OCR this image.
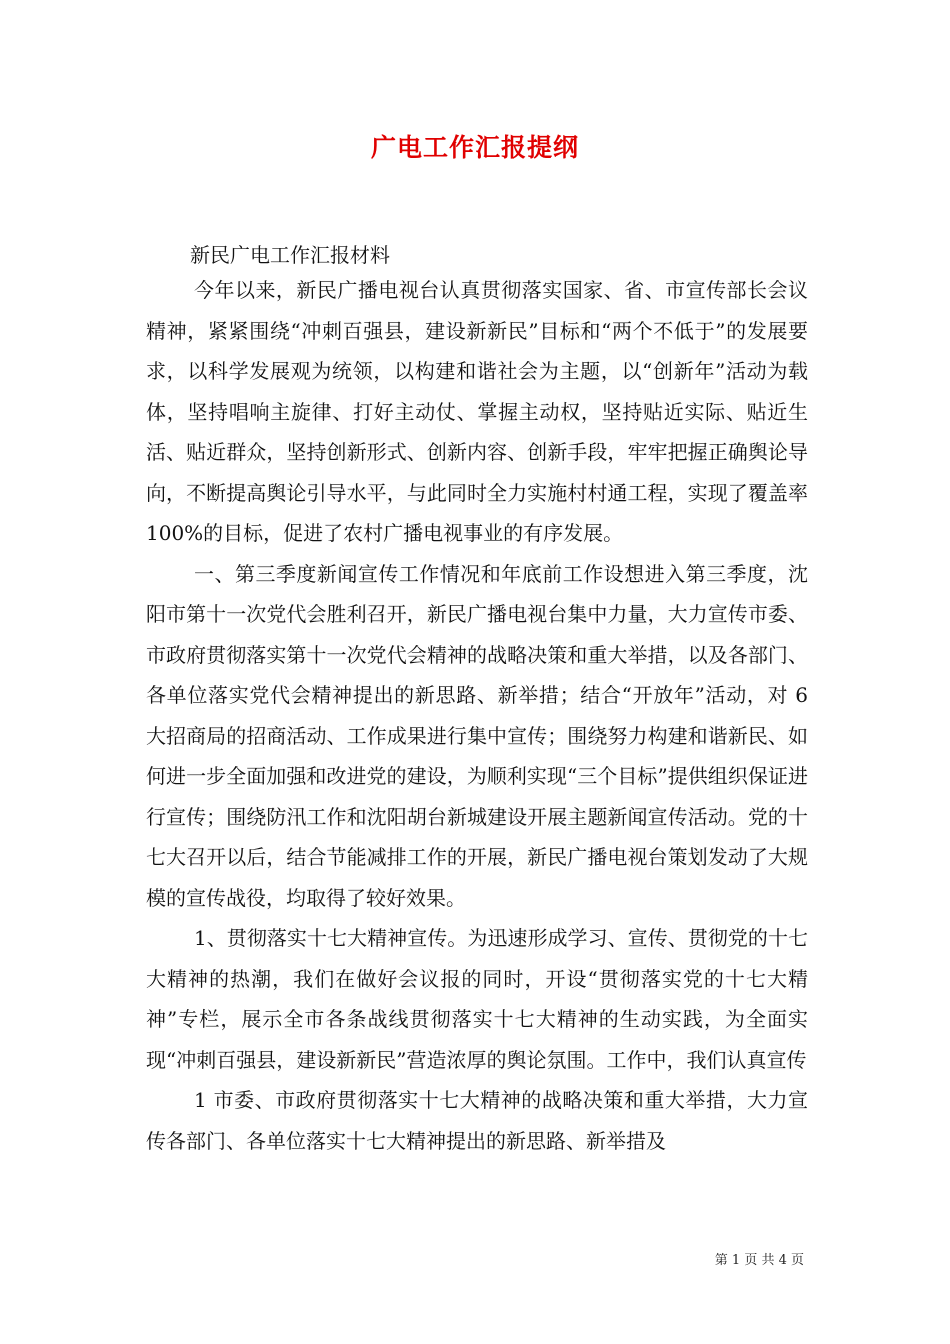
广电工作汇报提纲

新民广电工作汇报材料

今年以来，新民广播电视台认真贯彻落实国家、省、市宣传部长会议精神，紧紧围绕“冲刺百强县，建设新新民”目标和“两个不低于”的发展要求，以科学发展观为统领，以构建和谐社会为主题，以“创新年”活动为载体，坚持唱响主旋律、打好主动仗、掌握主动权，坚持贴近实际、贴近生活、贴近群众，坚持创新形式、创新内容、创新手段，牢牢把握正确舆论导向，不断提高舆论引导水平，与此同时全力实施村村通工程，实现了覆盖率 100%的目标，促进了农村广播电视事业的有序发展。

一、第三季度新闻宣传工作情况和年底前工作设想进入第三季度，沈阳市第十一次党代会胜利召开，新民广播电视台集中力量，大力宣传市委、市政府贯彻落实第十一次党代会精神的战略决策和重大举措，以及各部门、各单位落实党代会精神提出的新思路、新举措；结合“开放年”活动，对 6 大招商局的招商活动、工作成果进行集中宣传；围绕努力构建和谐新民、如何进一步全面加强和改进党的建设，为顺利实现“三个目标”提供组织保证进行宣传；围绕防汛工作和沈阳胡台新城建设开展主题新闻宣传活动。党的十七大召开以后，结合节能减排工作的开展，新民广播电视台策划发动了大规模的宣传战役，均取得了较好效果。

1、贯彻落实十七大精神宣传。为迅速形成学习、宣传、贯彻党的十七大精神的热潮，我们在做好会议报的同时，开设“贯彻落实党的十七大精神”专栏，展示全市各条战线贯彻落实十七大精神的生动实践，为全面实现“冲刺百强县，建设新新民”营造浓厚的舆论氛围。工作中，我们认真宣传

1 市委、市政府贯彻落实十七大精神的战略决策和重大举措，大力宣传各部门、各单位落实十七大精神提出的新思路、新举措及

第 1 页 共 4 页
